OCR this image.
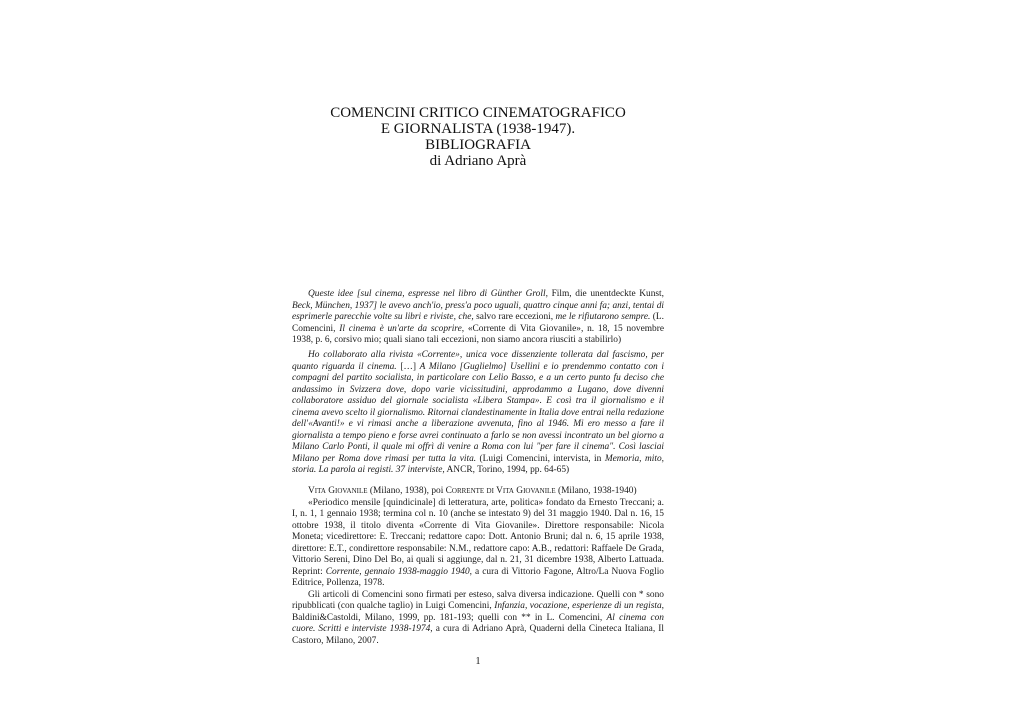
COMENCINI CRITICO CINEMATOGRAFICO
E GIORNALISTA (1938-1947).
BIBLIOGRAFIA
di Adriano Aprà

Queste idee [sul cinema, espresse nel libro di Günther Groll, Film, die unentdeckte Kunst, Beck, München, 1937] le avevo anch'io, press'a poco uguali, quattro cinque anni fa; anzi, tentai di esprimerle parecchie volte su libri e riviste, che, salvo rare eccezioni, me le rifiutarono sempre. (L. Comencini, Il cinema è un'arte da scoprire, «Corrente di Vita Giovanile», n. 18, 15 novembre 1938, p. 6, corsivo mio; quali siano tali eccezioni, non siamo ancora riusciti a stabilirlo)

Ho collaborato alla rivista «Corrente», unica voce dissenziente tollerata dal fascismo, per quanto riguarda il cinema. […] A Milano [Guglielmo] Usellini e io prendemmo contatto con i compagni del partito socialista, in particolare con Lelio Basso, e a un certo punto fu deciso che andassimo in Svizzera dove, dopo varie vicissitudini, approdammo a Lugano, dove divenni collaboratore assiduo del giornale socialista «Libera Stampa». E così tra il giornalismo e il cinema avevo scelto il giornalismo. Ritornai clandestinamente in Italia dove entrai nella redazione dell'«Avanti!» e vi rimasi anche a liberazione avvenuta, fino al 1946. Mi ero messo a fare il giornalista a tempo pieno e forse avrei continuato a farlo se non avessi incontrato un bel giorno a Milano Carlo Ponti, il quale mi offrì di venire a Roma con lui "per fare il cinema". Così lasciai Milano per Roma dove rimasi per tutta la vita. (Luigi Comencini, intervista, in Memoria, mito, storia. La parola ai registi. 37 interviste, ANCR, Torino, 1994, pp. 64-65)

Vita Giovanile (Milano, 1938), poi Corrente di Vita Giovanile (Milano, 1938-1940)

«Periodico mensile [quindicinale] di letteratura, arte, politica» fondato da Ernesto Treccani; a. I, n. 1, 1 gennaio 1938; termina col n. 10 (anche se intestato 9) del 31 maggio 1940. Dal n. 16, 15 ottobre 1938, il titolo diventa «Corrente di Vita Giovanile». Direttore responsabile: Nicola Moneta; vicedirettore: E. Treccani; redattore capo: Dott. Antonio Bruni; dal n. 6, 15 aprile 1938, direttore: E.T., condirettore responsabile: N.M., redattore capo: A.B., redattori: Raffaele De Grada, Vittorio Sereni, Dino Del Bo, ai quali si aggiunge, dal n. 21, 31 dicembre 1938, Alberto Lattuada. Reprint: Corrente, gennaio 1938-maggio 1940, a cura di Vittorio Fagone, Altro/La Nuova Foglio Editrice, Pollenza, 1978.

Gli articoli di Comencini sono firmati per esteso, salva diversa indicazione. Quelli con * sono ripubblicati (con qualche taglio) in Luigi Comencini, Infanzia, vocazione, esperienze di un regista, Baldini&Castoldi, Milano, 1999, pp. 181-193; quelli con ** in L. Comencini, Al cinema con cuore. Scritti e interviste 1938-1974, a cura di Adriano Aprà, Quaderni della Cineteca Italiana, Il Castoro, Milano, 2007.

1
